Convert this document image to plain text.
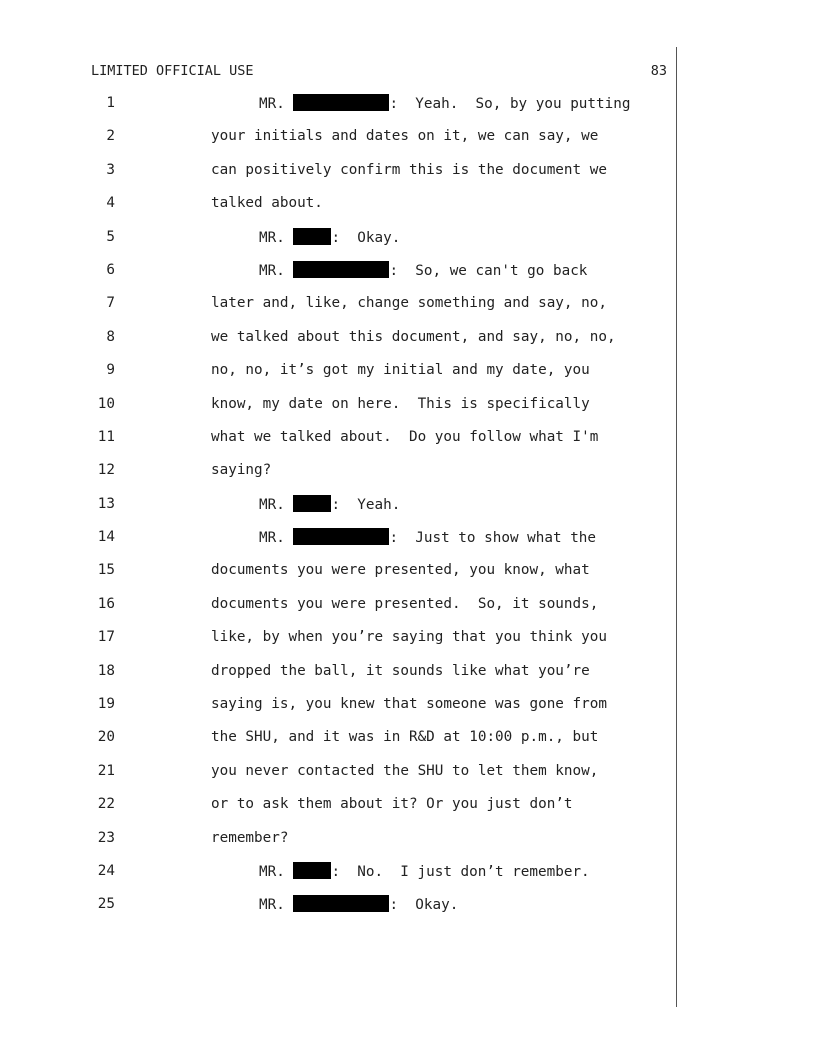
LIMITED OFFICIAL USE	83
1	MR.	:  Yeah.  So, by you putting
2	your initials and dates on it, we can say, we
3	can positively confirm this is the document we
4	talked about.
5	MR.	:  Okay.
6	MR.	:  So, we can't go back
7	later and, like, change something and say, no,
8	we talked about this document, and say, no, no,
9	no, no, it’s got my initial and my date, you
10	know, my date on here.  This is specifically
11	what we talked about.  Do you follow what I'm
12	saying?
13	MR.	:  Yeah.
14	MR.	:  Just to show what the
15	documents you were presented, you know, what
16	documents you were presented.  So, it sounds,
17	like, by when you’re saying that you think you
18	dropped the ball, it sounds like what you’re
19	saying is, you knew that someone was gone from
20	the SHU, and it was in R&D at 10:00 p.m., but
21	you never contacted the SHU to let them know,
22	or to ask them about it? Or you just don’t
23	remember?
24	MR.	:  No.  I just don’t remember.
25	MR.	:  Okay.
